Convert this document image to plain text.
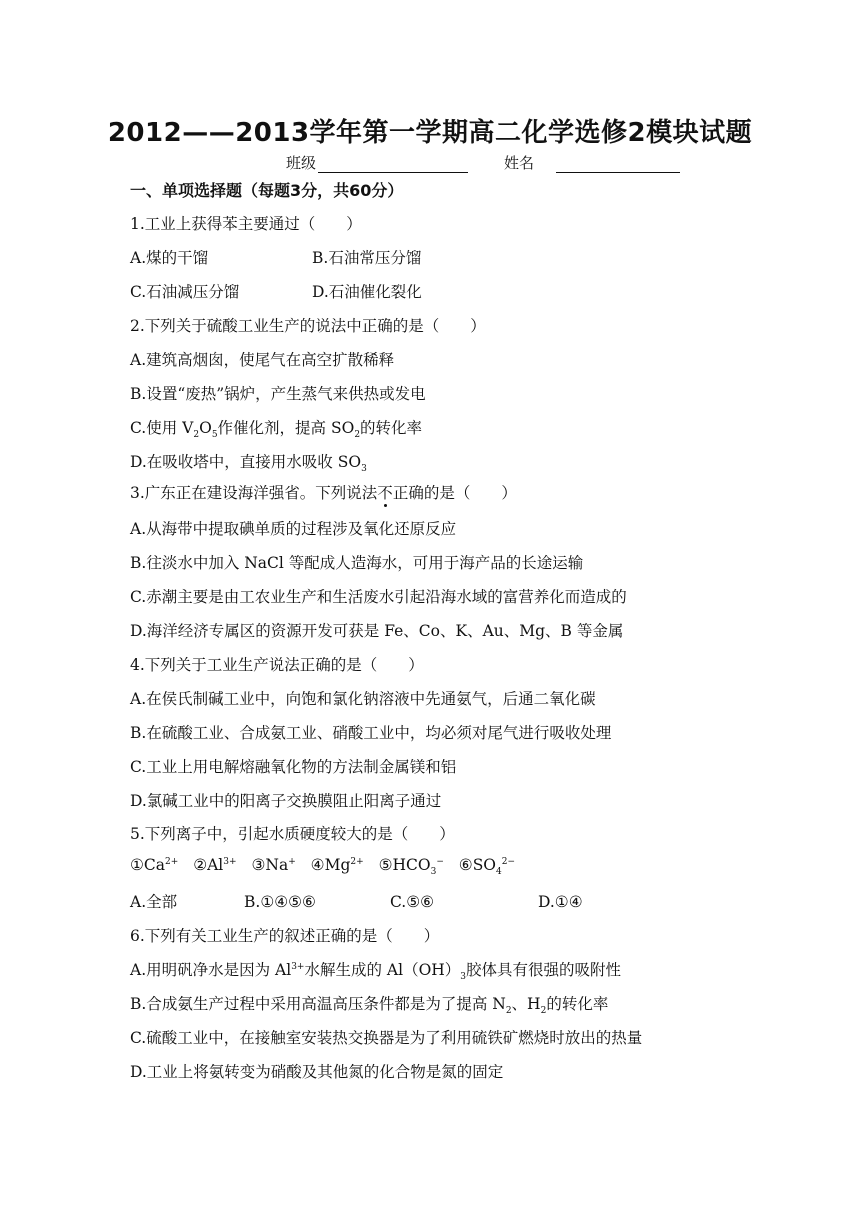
2012——2013学年第一学期高二化学选修2模块试题
班级	姓名
一、单项选择题（每题3分，共60分）
1.工业上获得苯主要通过（　　）
A.煤的干馏	B.石油常压分馏
C.石油减压分馏	D.石油催化裂化
2.下列关于硫酸工业生产的说法中正确的是（　　）
A.建筑高烟囱，使尾气在高空扩散稀释
B.设置“废热”锅炉，产生蒸气来供热或发电
C.使用 $V_2O_5$作催化剂，提高 $SO_2$的转化率
D.在吸收塔中，直接用水吸收 $SO_3$
3.广东正在建设海洋强省。下列说法不正确的是（　　）
A.从海带中提取碘单质的过程涉及氧化还原反应
B.往淡水中加入 NaCl 等配成人造海水，可用于海产品的长途运输
C.赤潮主要是由工农业生产和生活废水引起沿海水域的富营养化而造成的
D.海洋经济专属区的资源开发可获是 Fe、Co、K、Au、Mg、B 等金属
4.下列关于工业生产说法正确的是（　　）
A.在侯氏制碱工业中，向饱和氯化钠溶液中先通氨气，后通二氧化碳
B.在硫酸工业、合成氨工业、硝酸工业中，均必须对尾气进行吸收处理
C.工业上用电解熔融氧化物的方法制金属镁和铝
D.氯碱工业中的阳离子交换膜阻止阳离子通过
5.下列离子中，引起水质硬度较大的是（　　）
$①Ca^{2+}$ $②Al^{3+}$ ③Na+ $④Mg^{2+}$ $⑤HCO_3^-$ $⑥SO_4^{2-}$
A.全部	B.①④⑤⑥	C.⑤⑥	D.①④
6.下列有关工业生产的叙述正确的是（　　）
A.用明矾净水是因为 $Al^{3+}$水解生成的 $Al(OH)_3$胶体具有很强的吸附性
B.合成氨生产过程中采用高温高压条件都是为了提高 $N_2$、$H_2$的转化率
C.硫酸工业中，在接触室安装热交换器是为了利用硫铁矿燃烧时放出的热量
D.工业上将氨转变为硝酸及其他氮的化合物是氮的固定
